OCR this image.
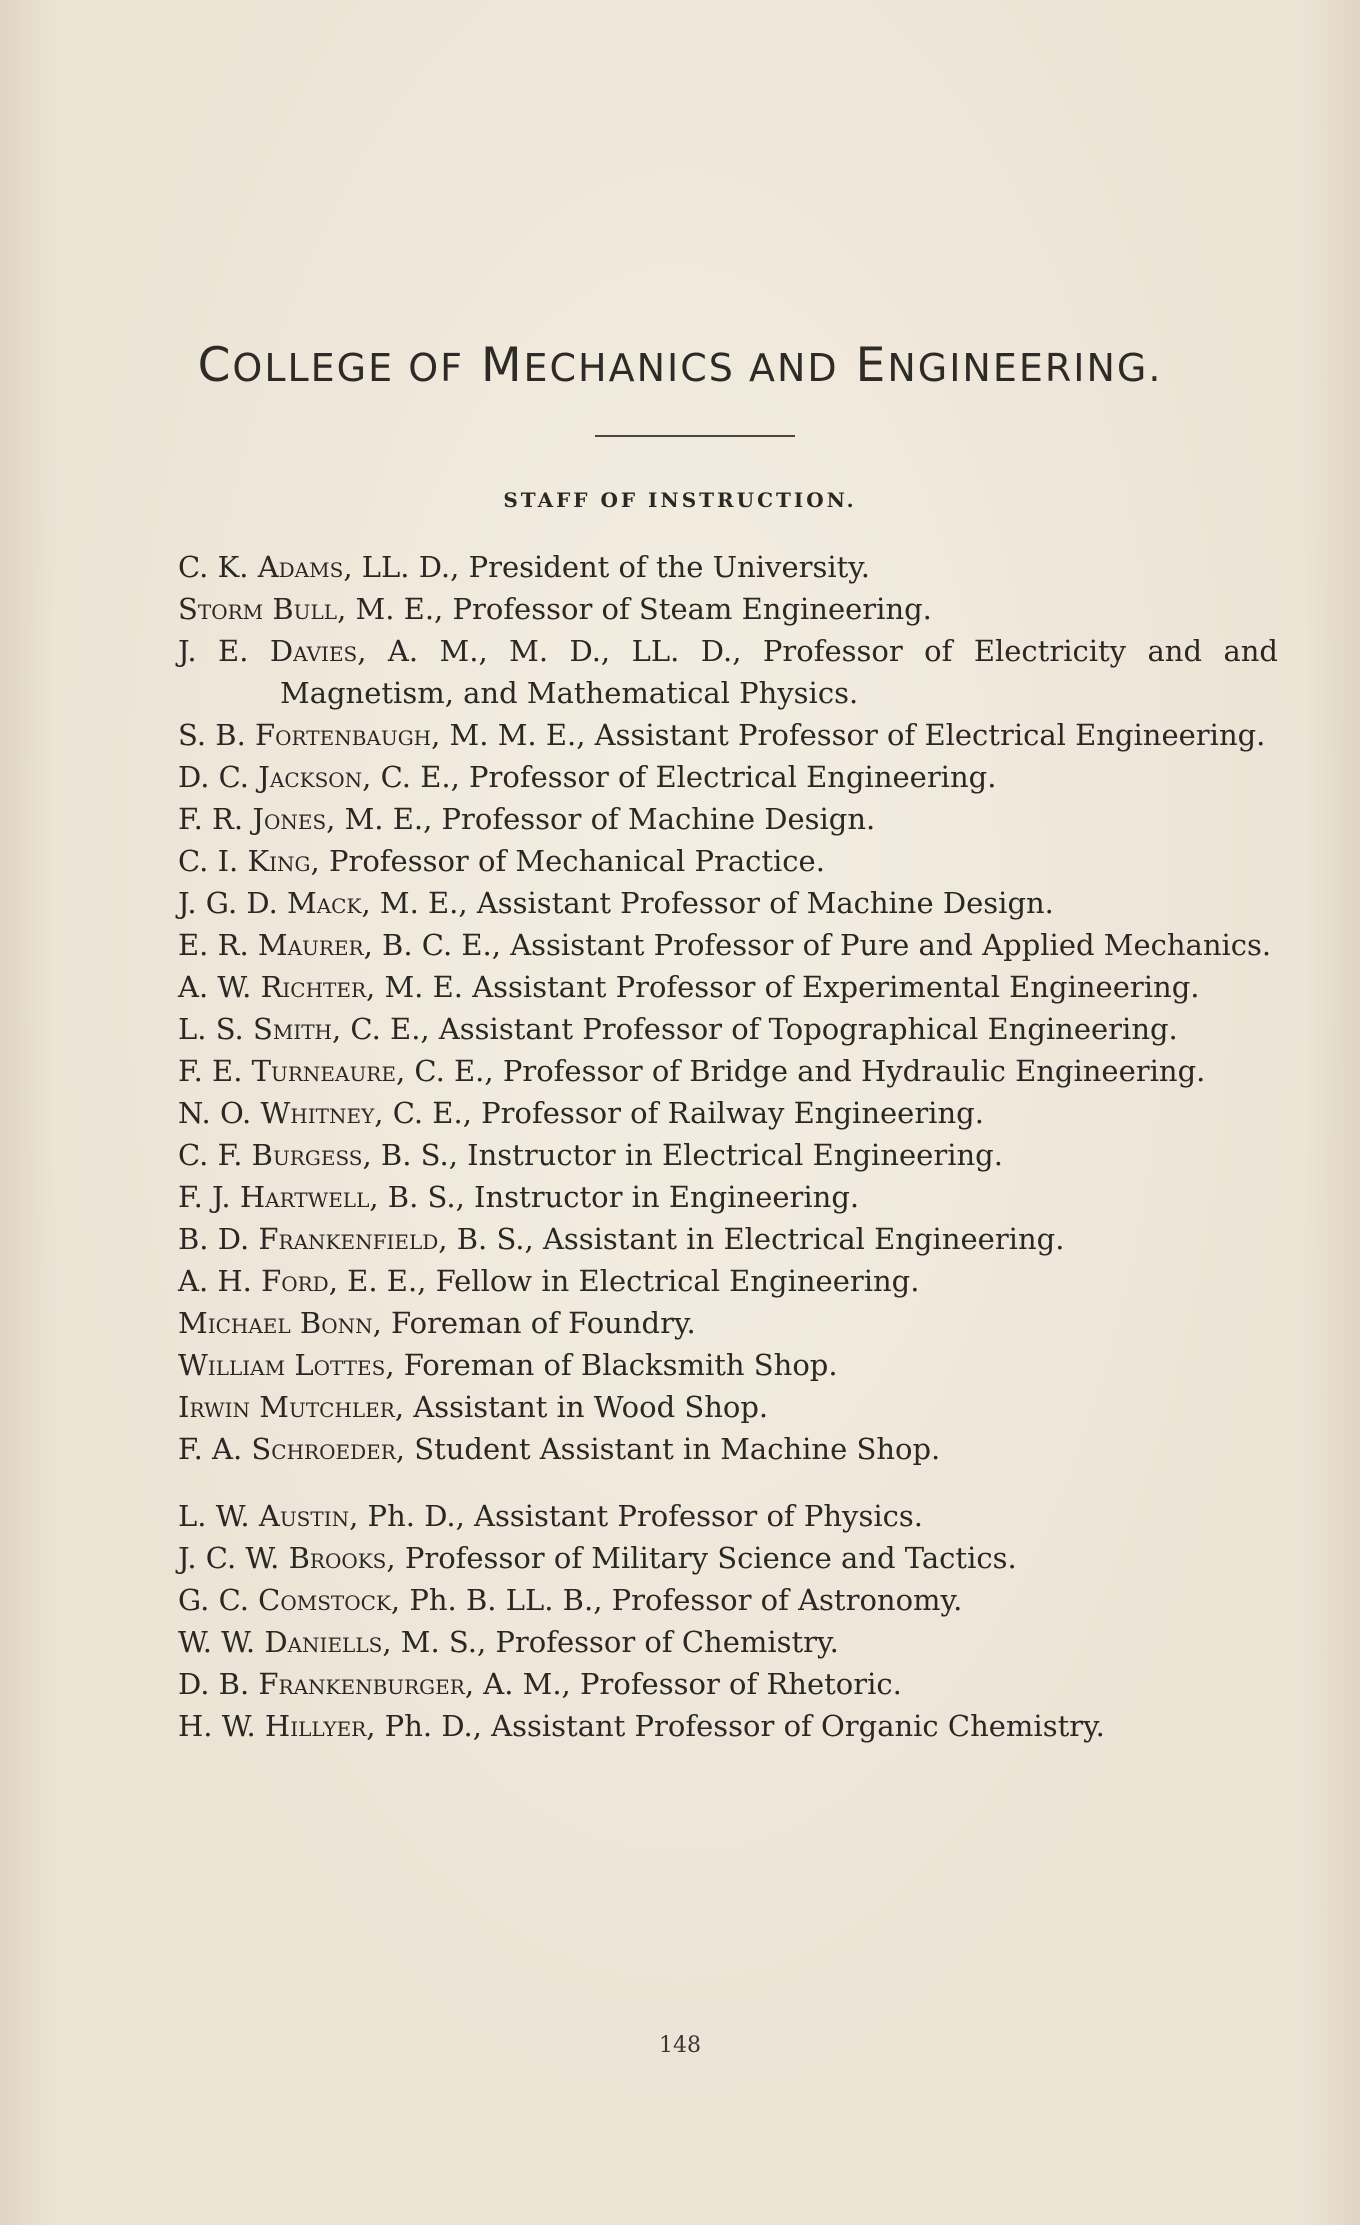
COLLEGE OF MECHANICS AND ENGINEERING.
STAFF OF INSTRUCTION.
C. K. Adams, LL. D., President of the University.
Storm Bull, M. E., Professor of Steam Engineering.
J. E. Davies, A. M., M. D., LL. D., Professor of Electricity and and Magnetism, and Mathematical Physics.
S. B. Fortenbaugh, M. M. E., Assistant Professor of Electrical Engineering.
D. C. Jackson, C. E., Professor of Electrical Engineering.
F. R. Jones, M. E., Professor of Machine Design.
C. I. King, Professor of Mechanical Practice.
J. G. D. Mack, M. E., Assistant Professor of Machine Design.
E. R. Maurer, B. C. E., Assistant Professor of Pure and Applied Mechanics.
A. W. Richter, M. E. Assistant Professor of Experimental Engineering.
L. S. Smith, C. E., Assistant Professor of Topographical Engineering.
F. E. Turneaure, C. E., Professor of Bridge and Hydraulic Engineering.
N. O. Whitney, C. E., Professor of Railway Engineering.
C. F. Burgess, B. S., Instructor in Electrical Engineering.
F. J. Hartwell, B. S., Instructor in Engineering.
B. D. Frankenfield, B. S., Assistant in Electrical Engineering.
A. H. Ford, E. E., Fellow in Electrical Engineering.
Michael Bonn, Foreman of Foundry.
William Lottes, Foreman of Blacksmith Shop.
Irwin Mutchler, Assistant in Wood Shop.
F. A. Schroeder, Student Assistant in Machine Shop.
L. W. Austin, Ph. D., Assistant Professor of Physics.
J. C. W. Brooks, Professor of Military Science and Tactics.
G. C. Comstock, Ph. B. LL. B., Professor of Astronomy.
W. W. Daniells, M. S., Professor of Chemistry.
D. B. Frankenburger, A. M., Professor of Rhetoric.
H. W. Hillyer, Ph. D., Assistant Professor of Organic Chemistry.
148
